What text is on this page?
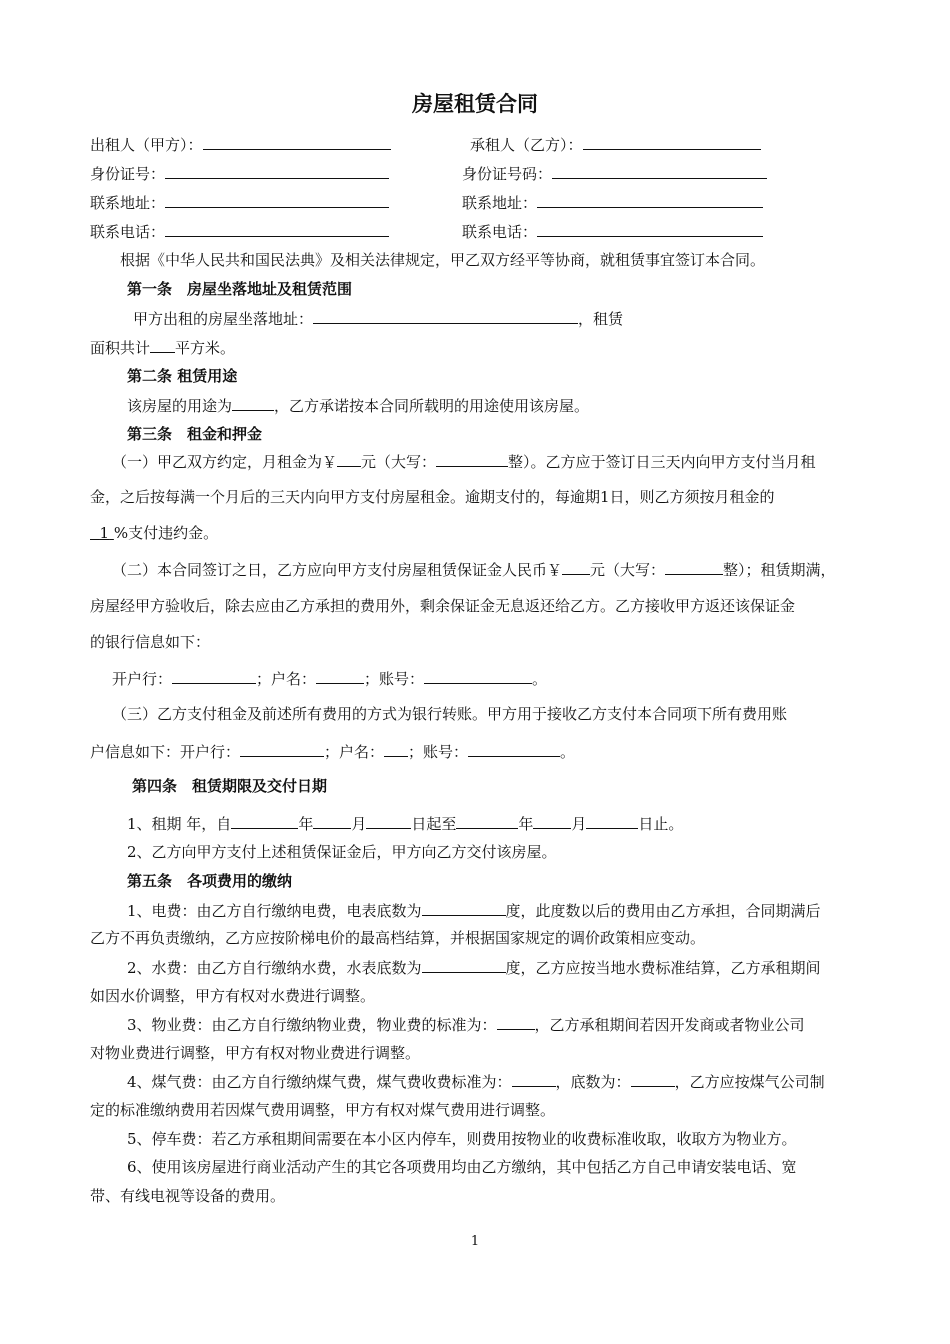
房屋租赁合同
出租人（甲方）：	承租人（乙方）：
身份证号：	身份证号码：
联系地址：	联系地址：
联系电话：	联系电话：
根据《中华人民共和国民法典》及相关法律规定，甲乙双方经平等协商，就租赁事宜签订本合同。
第一条　房屋坐落地址及租赁范围
甲方出租的房屋坐落地址：	，租赁
面积共计 平方米。
第二条 租赁用途
该房屋的用途为	，乙方承诺按本合同所载明的用途使用该房屋。
第三条　租金和押金
（一）甲乙双方约定，月租金为￥ 元（大写：	整）。乙方应于签订日三天内向甲方支付当月租
金，之后按每满一个月后的三天内向甲方支付房屋租金。逾期支付的，每逾期1日，则乙方须按月租金的
1 %支付违约金。
（二）本合同签订之日，乙方应向甲方支付房屋租赁保证金人民币￥ 元（大写：	整）；租赁期满，
房屋经甲方验收后，除去应由乙方承担的费用外，剩余保证金无息返还给乙方。乙方接收甲方返还该保证金
的银行信息如下：
开户行：	；户名：	；账号：	。
（三）乙方支付租金及前述所有费用的方式为银行转账。甲方用于接收乙方支付本合同项下所有费用账
户信息如下：开户行：	；户名： ；账号：	。
第四条　租赁期限及交付日期
1、租期 年，自	年	月	日起至	年	月	日止。
2、乙方向甲方支付上述租赁保证金后，甲方向乙方交付该房屋。
第五条　各项费用的缴纳
1、电费：由乙方自行缴纳电费，电表底数为	度，此度数以后的费用由乙方承担，合同期满后
乙方不再负责缴纳，乙方应按阶梯电价的最高档结算，并根据国家规定的调价政策相应变动。
2、水费：由乙方自行缴纳水费，水表底数为	度，乙方应按当地水费标准结算，乙方承租期间
如因水价调整，甲方有权对水费进行调整。
3、物业费：由乙方自行缴纳物业费，物业费的标准为：	，乙方承租期间若因开发商或者物业公司
对物业费进行调整，甲方有权对物业费进行调整。
4、煤气费：由乙方自行缴纳煤气费，煤气费收费标准为：	，底数为：	，乙方应按煤气公司制
定的标准缴纳费用若因煤气费用调整，甲方有权对煤气费用进行调整。
5、停车费：若乙方承租期间需要在本小区内停车，则费用按物业的收费标准收取，收取方为物业方。
6、使用该房屋进行商业活动产生的其它各项费用均由乙方缴纳，其中包括乙方自己申请安装电话、宽
带、有线电视等设备的费用。
1
